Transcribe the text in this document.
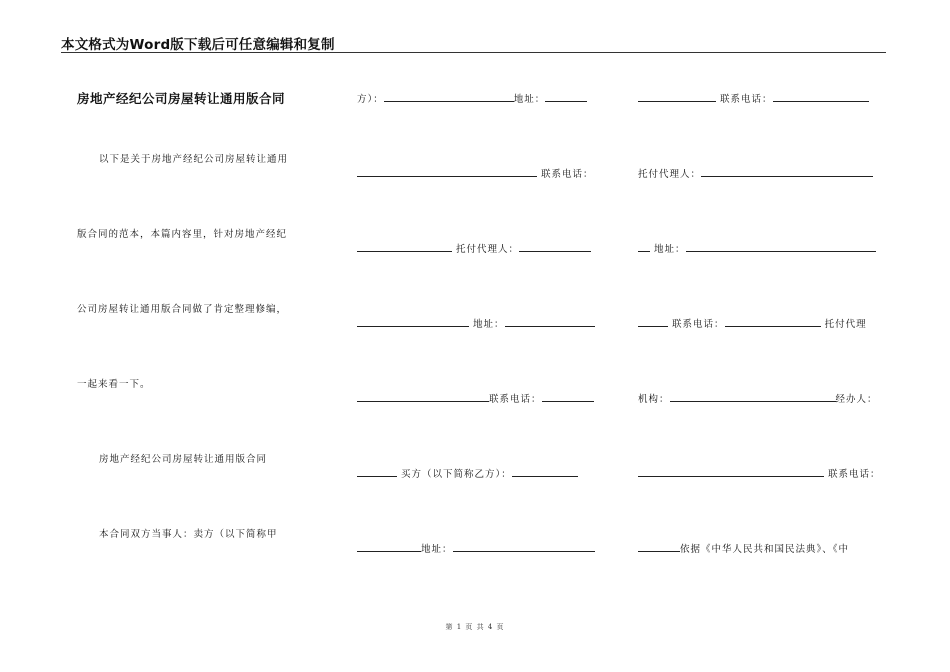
本文格式为Word版下载后可任意编辑和复制
房地产经纪公司房屋转让通用版合同
以下是关于房地产经纪公司房屋转让通用
版合同的范本，本篇内容里，针对房地产经纪
公司房屋转让通用版合同做了肯定整理修编，
一起来看一下。
房地产经纪公司房屋转让通用版合同
本合同双方当事人：卖方（以下简称甲
方）：	地址：
联系电话：
托付代理人：
地址：
联系电话：
买方（以下简称乙方）：
地址：
联系电话：
托付代理人：
地址：
联系电话：	托付代理
机构：	经办人：
联系电话：
依据《中华人民共和国民法典》、《中
第 1 页 共 4 页
